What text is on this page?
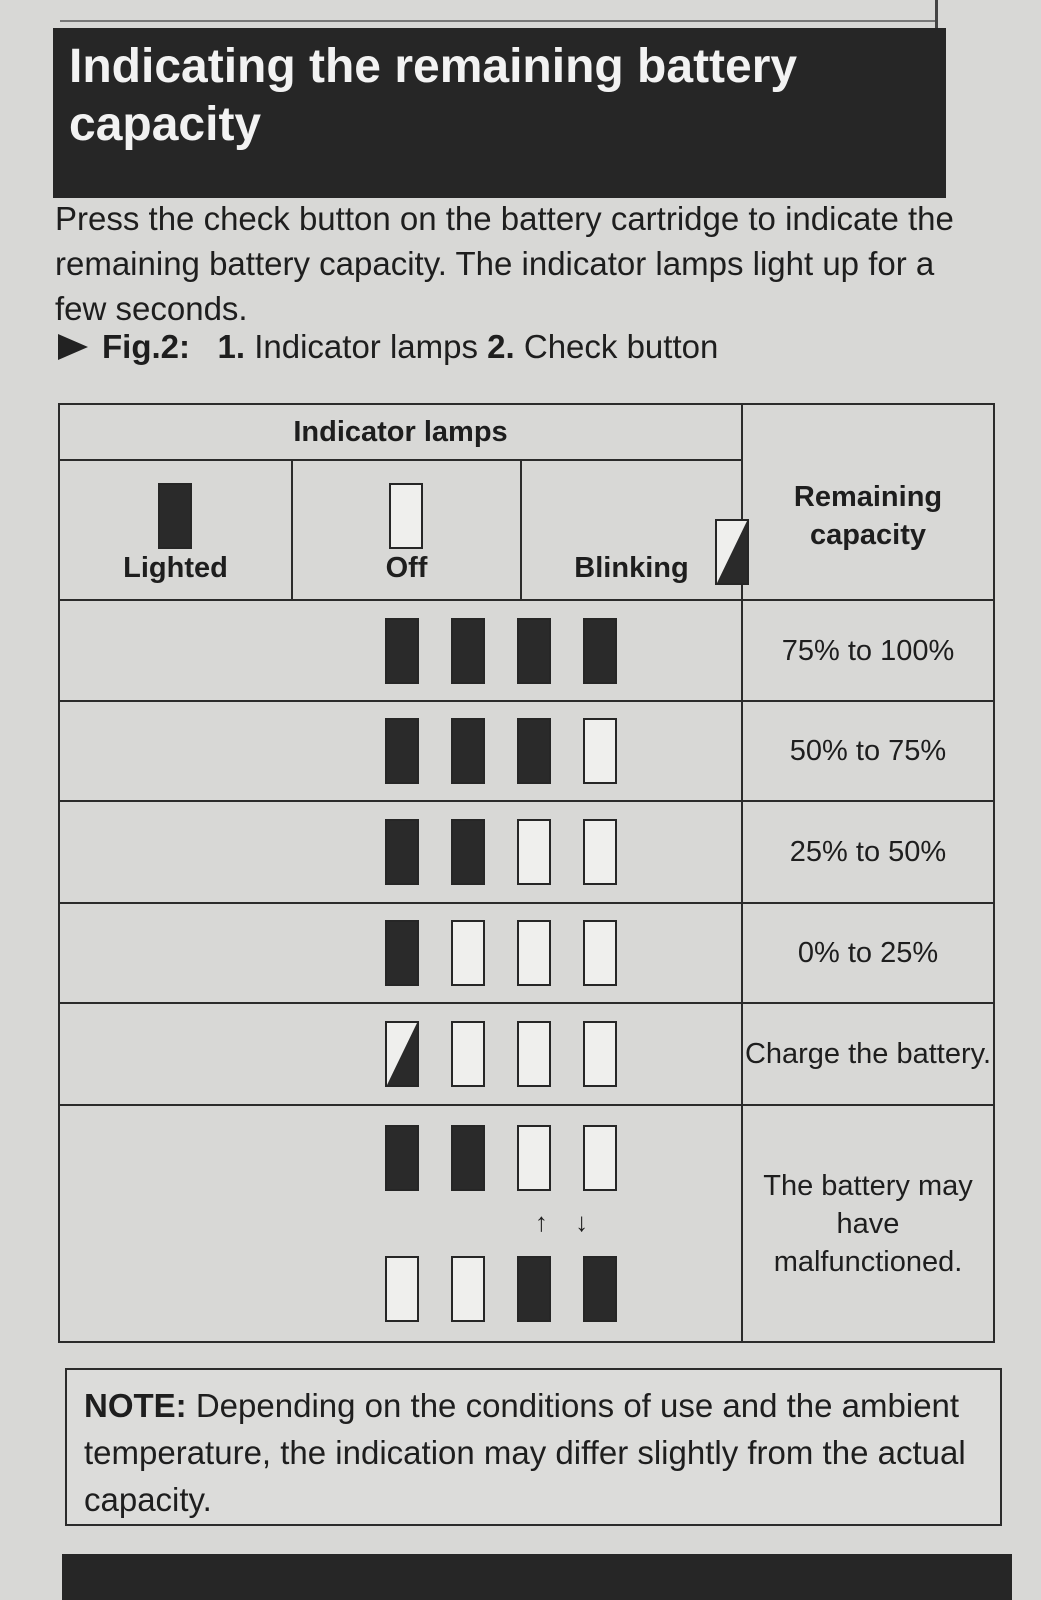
Indicating the remaining battery capacity
Press the check button on the battery cartridge to indicate the remaining battery capacity. The indicator lamps light up for a few seconds.
Fig.2: 1. Indicator lamps 2. Check button
Indicator lamps			Remaining capacity

Lighted	Off	Blinking	

			75% to 100%
			50% to 75%
			25% to 50%
			0% to 25%

	Charge the battery.

↑ ↓			The battery may have malfunctioned.
NOTE: Depending on the conditions of use and the ambient temperature, the indication may differ slightly from the actual capacity.
